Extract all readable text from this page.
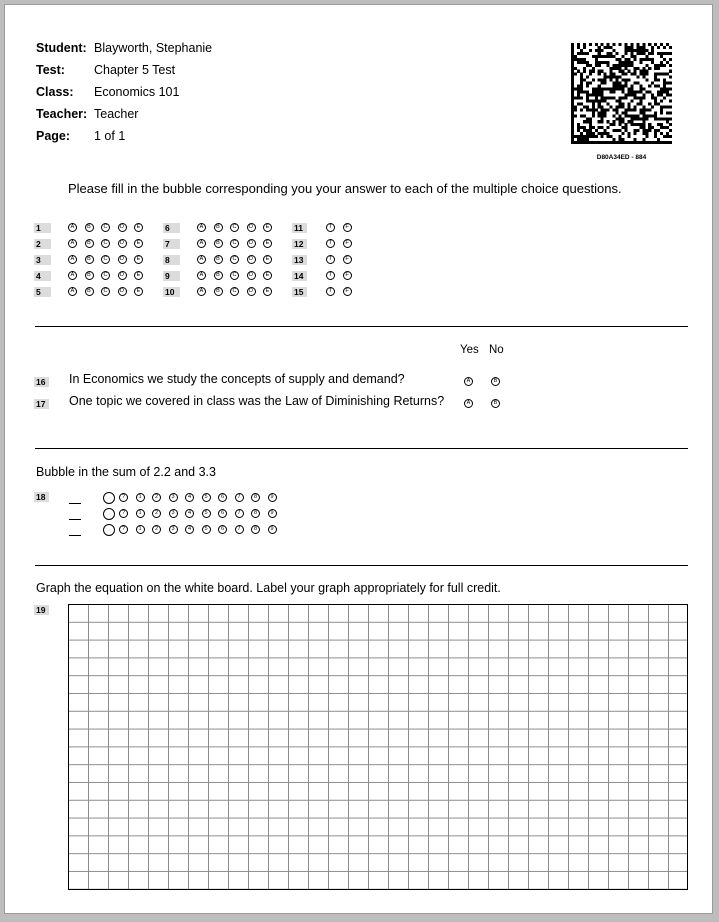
Student: Blayworth, Stephanie
Test: Chapter 5 Test
Class: Economics 101
Teacher: Teacher
Page: 1 of 1
D80A34ED - 884
Please fill in the bubble corresponding you your answer to each of the multiple choice questions.
1	A	B	C	D	E
2	A	B	C	D	E
3	A	B	C	D	E
4	A	B	C	D	E
5	A	B	C	D	E
6	A	B	C	D	E
7	A	B	C	D	E
8	A	B	C	D	E
9	A	B	C	D	E
10	A	B	C	D	E
11	T	F
12	T	F
13	T	F
14	T	F
15	T	F
Yes No
16 In Economics we study the concepts of supply and demand?	A	B
17 One topic we covered in class was the Law of Diminishing Returns?	A	B
Bubble in the sum of 2.2 and 3.3
18	?	1	2	3	4	5	6	7	8	9
?	1	2	3	4	5	6	7	8	9
?	1	2	3	4	5	6	7	8	9
Graph the equation on the white board. Label your graph appropriately for full credit.
19
